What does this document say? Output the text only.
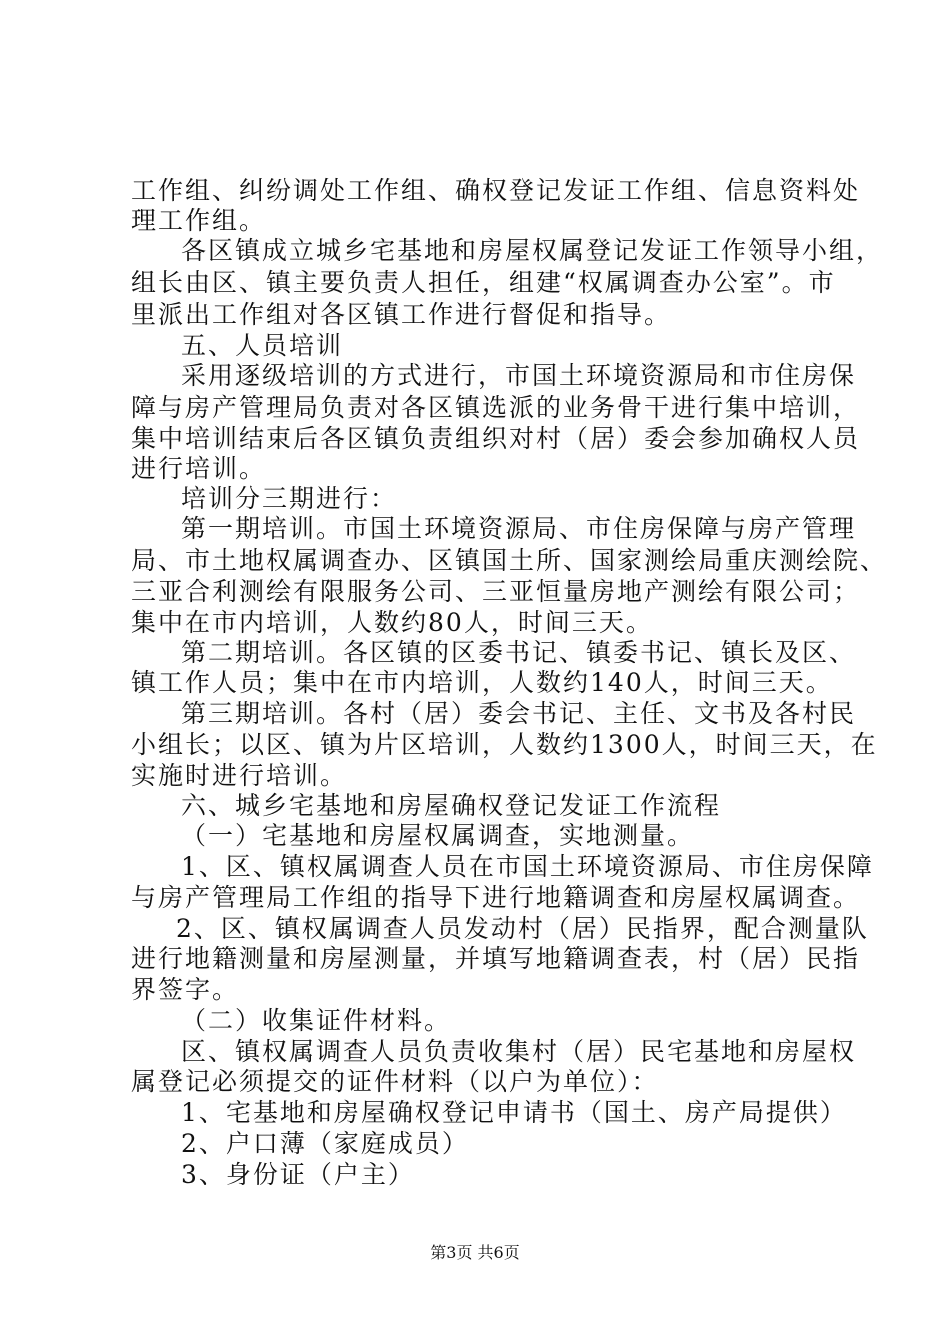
工作组、纠纷调处工作组、确权登记发证工作组、信息资料处
理工作组。
各区镇成立城乡宅基地和房屋权属登记发证工作领导小组，
组长由区、镇主要负责人担任，组建“权属调查办公室”。市
里派出工作组对各区镇工作进行督促和指导。
五、人员培训
采用逐级培训的方式进行，市国土环境资源局和市住房保
障与房产管理局负责对各区镇选派的业务骨干进行集中培训，
集中培训结束后各区镇负责组织对村（居）委会参加确权人员
进行培训。
培训分三期进行：
第一期培训。市国土环境资源局、市住房保障与房产管理
局、市土地权属调查办、区镇国土所、国家测绘局重庆测绘院、
三亚合利测绘有限服务公司、三亚恒量房地产测绘有限公司；
集中在市内培训，人数约80人，时间三天。
第二期培训。各区镇的区委书记、镇委书记、镇长及区、
镇工作人员；集中在市内培训，人数约140人，时间三天。
第三期培训。各村（居）委会书记、主任、文书及各村民
小组长；以区、镇为片区培训，人数约1300人，时间三天，在
实施时进行培训。
六、城乡宅基地和房屋确权登记发证工作流程
（一）宅基地和房屋权属调查，实地测量。
1、区、镇权属调查人员在市国土环境资源局、市住房保障
与房产管理局工作组的指导下进行地籍调查和房屋权属调查。
2、区、镇权属调查人员发动村（居）民指界，配合测量队
进行地籍测量和房屋测量，并填写地籍调查表，村（居）民指
界签字。
（二）收集证件材料。
区、镇权属调查人员负责收集村（居）民宅基地和房屋权
属登记必须提交的证件材料（以户为单位）：
1、宅基地和房屋确权登记申请书（国土、房产局提供）
2、户口薄（家庭成员）
3、身份证（户主）
第3页 共6页
